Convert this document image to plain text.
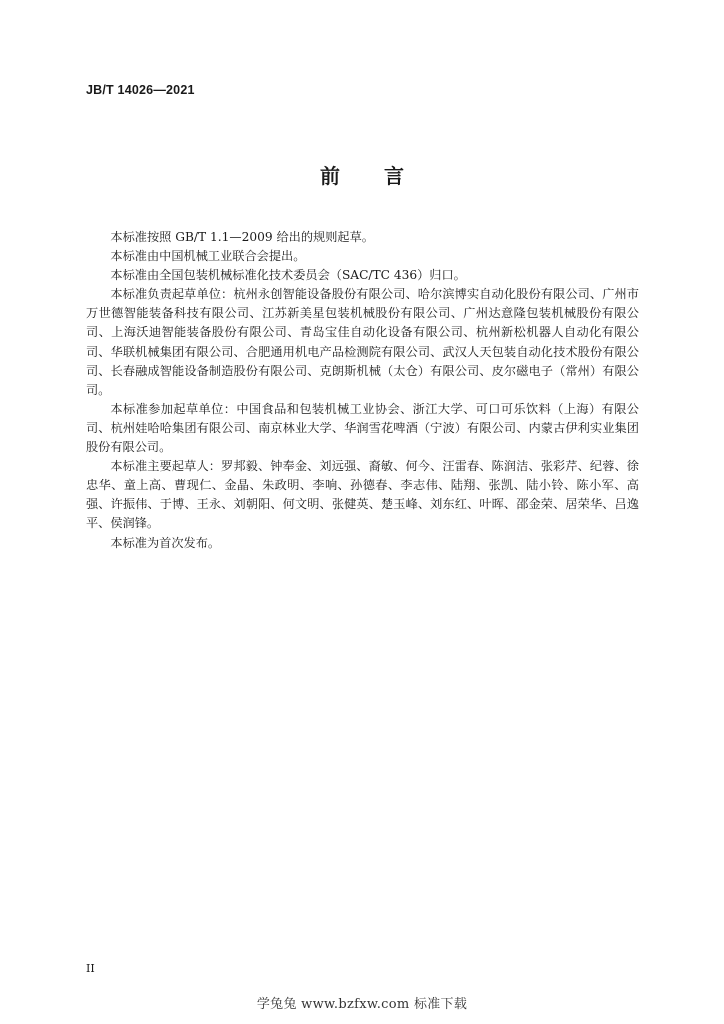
JB/T 14026—2021
前 言

本标准按照 GB/T 1.1—2009 给出的规则起草。

本标准由中国机械工业联合会提出。

本标准由全国包装机械标准化技术委员会（SAC/TC 436）归口。

本标准负责起草单位：杭州永创智能设备股份有限公司、哈尔滨博实自动化股份有限公司、广州市万世德智能装备科技有限公司、江苏新美星包装机械股份有限公司、广州达意隆包装机械股份有限公司、上海沃迪智能装备股份有限公司、青岛宝佳自动化设备有限公司、杭州新松机器人自动化有限公司、华联机械集团有限公司、合肥通用机电产品检测院有限公司、武汉人天包装自动化技术股份有限公司、长春融成智能设备制造股份有限公司、克朗斯机械（太仓）有限公司、皮尔磁电子（常州）有限公司。

本标准参加起草单位：中国食品和包装机械工业协会、浙江大学、可口可乐饮料（上海）有限公司、杭州娃哈哈集团有限公司、南京林业大学、华润雪花啤酒（宁波）有限公司、内蒙古伊利实业集团股份有限公司。

本标准主要起草人：罗邦毅、钟奉金、刘远强、裔敏、何今、汪雷春、陈润洁、张彩芹、纪蓉、徐忠华、童上高、曹现仁、金晶、朱政明、李响、孙德春、李志伟、陆翔、张凯、陆小铃、陈小军、高强、许振伟、于博、王永、刘朝阳、何文明、张健英、楚玉峰、刘东红、叶晖、邵金荣、居荣华、吕逸平、侯润锋。

本标准为首次发布。

II
学兔兔 www.bzfxw.com 标准下载
